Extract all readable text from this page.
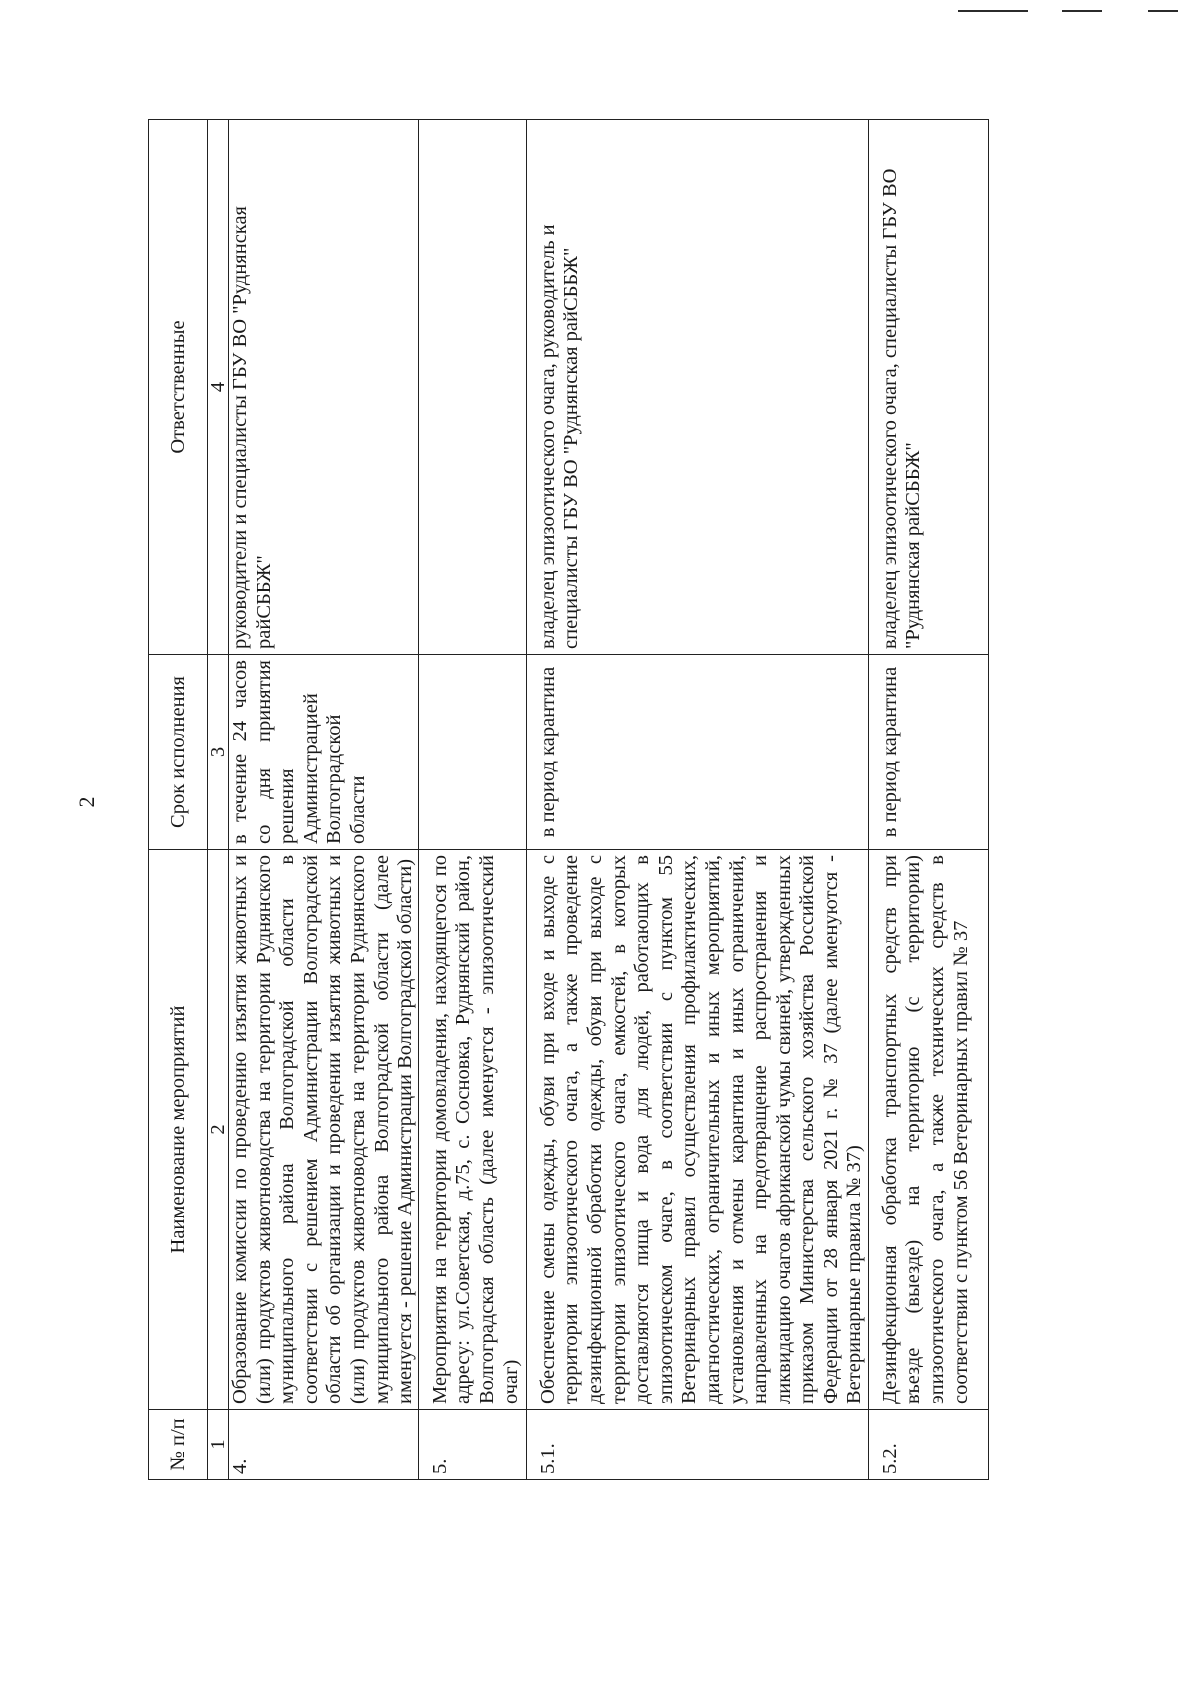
2
№ п/п	Наименование мероприятий	Срок исполнения	Ответственные
1	2	3	4
4.	Образование комиссии по проведению изъятия животных и (или) продуктов животноводства на территории Руднянского муниципального района Волгоградской области в соответствии с решением Администрации Волгоградской области об организации и проведении изъятия животных и (или) продуктов животноводства на территории Руднянского муниципального района Волгоградской области (далее именуется - решение Администрации Волгоградской области)	в течение 24 часов со дня принятия решения Администрацией Волгоградской области	руководители и специалисты ГБУ ВО "Руднянская райСББЖ"
5.	Мероприятия на территории домовладения, находящегося по адресу: ул.Советская, д.75, с. Сосновка, Руднянский район, Волгоградская область (далее именуется - эпизоотический очаг)		
5.1.	Обеспечение смены одежды, обуви при входе и выходе с территории эпизоотического очага, а также проведение дезинфекционной обработки одежды, обуви при выходе с территории эпизоотического очага, емкостей, в которых доставляются пища и вода для людей, работающих в эпизоотическом очаге, в соответствии с пунктом 55 Ветеринарных правил осуществления профилактических, диагностических, ограничительных и иных мероприятий, установления и отмены карантина и иных ограничений, направленных на предотвращение распространения и ликвидацию очагов африканской чумы свиней, утвержденных приказом Министерства сельского хозяйства Российской Федерации от 28 января 2021 г. № 37 (далее именуются - Ветеринарные правила № 37)	в период карантина	владелец эпизоотического очага, руководитель и специалисты ГБУ ВО "Руднянская райСББЖ"
5.2.	Дезинфекционная обработка транспортных средств при въезде (выезде) на территорию (с территории) эпизоотического очага, а также технических средств в соответствии с пунктом 56 Ветеринарных правил № 37	в период карантина	владелец эпизоотического очага, специалисты ГБУ ВО "Руднянская райСББЖ"
